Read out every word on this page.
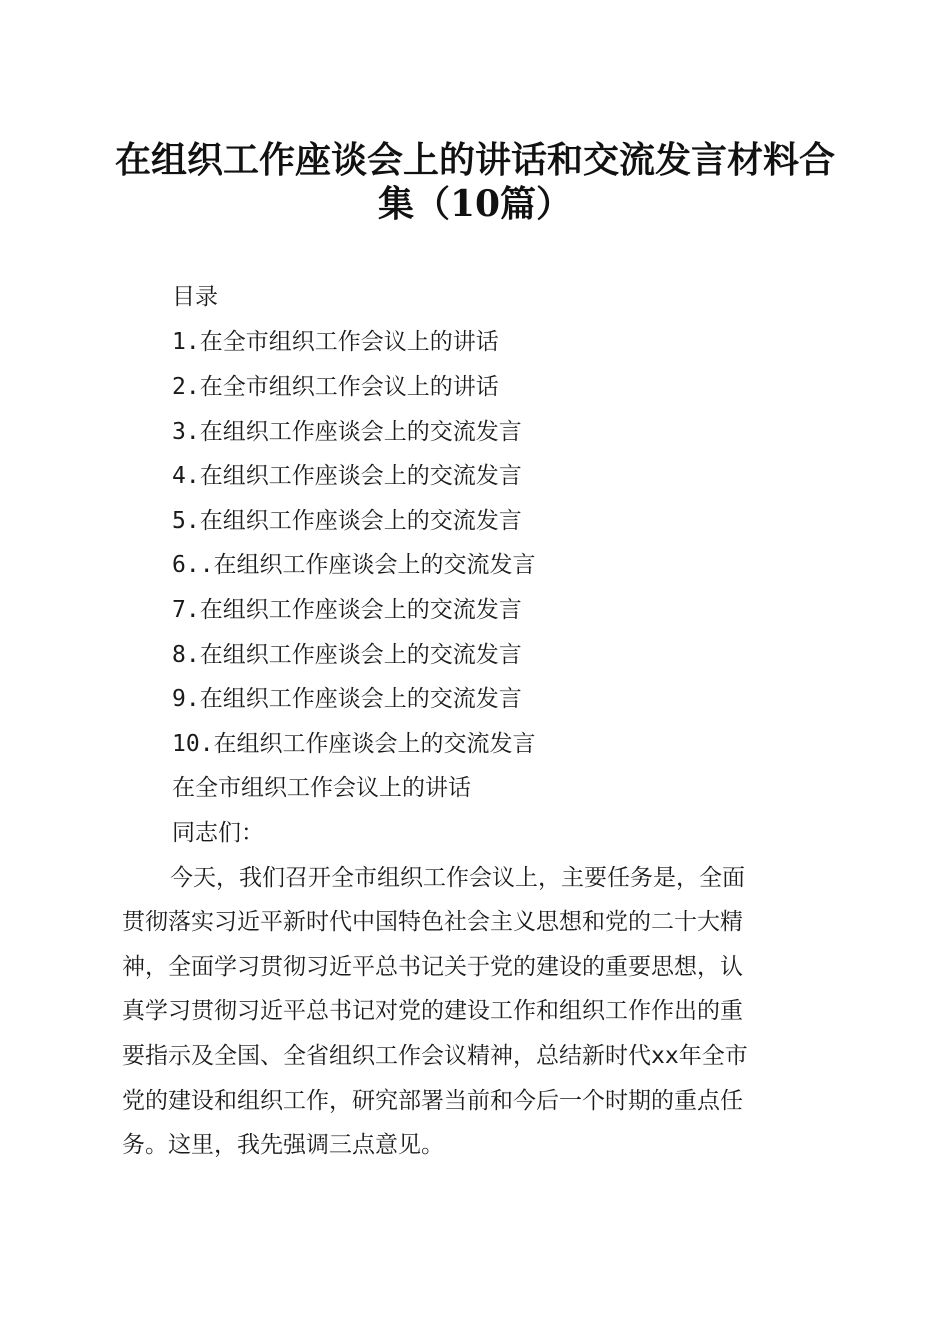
在组织工作座谈会上的讲话和交流发言材料合
集（10篇）
目录
1.在全市组织工作会议上的讲话
2.在全市组织工作会议上的讲话
3.在组织工作座谈会上的交流发言
4.在组织工作座谈会上的交流发言
5.在组织工作座谈会上的交流发言
6..在组织工作座谈会上的交流发言
7.在组织工作座谈会上的交流发言
8.在组织工作座谈会上的交流发言
9.在组织工作座谈会上的交流发言
10.在组织工作座谈会上的交流发言
在全市组织工作会议上的讲话
同志们：
今天，我们召开全市组织工作会议上，主要任务是，全面
贯彻落实习近平新时代中国特色社会主义思想和党的二十大精
神，全面学习贯彻习近平总书记关于党的建设的重要思想，认
真学习贯彻习近平总书记对党的建设工作和组织工作作出的重
要指示及全国、全省组织工作会议精神，总结新时代xx年全市
党的建设和组织工作，研究部署当前和今后一个时期的重点任
务。这里，我先强调三点意见。
